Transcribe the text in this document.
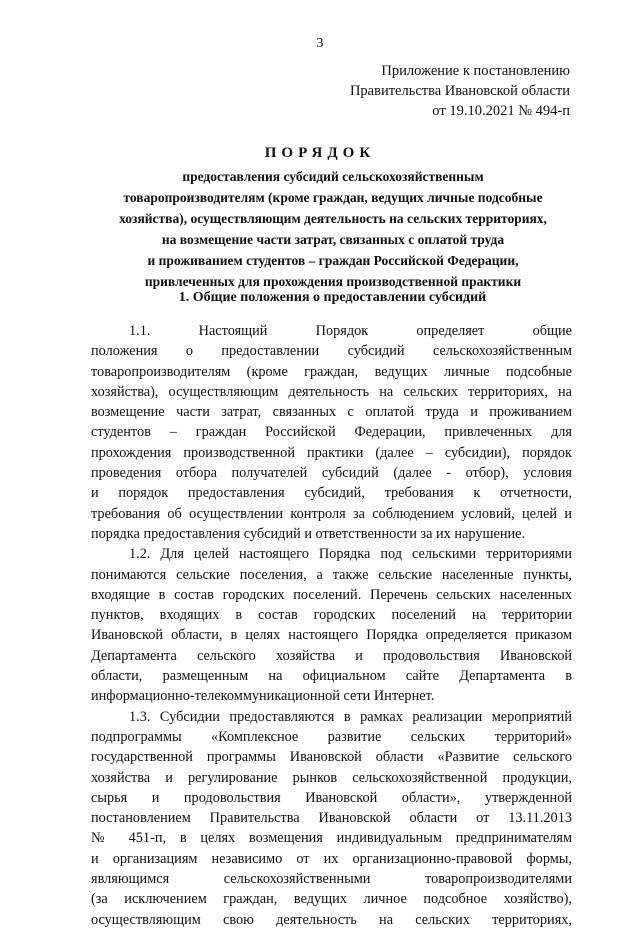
3
Приложение к постановлению
Правительства Ивановской области
от 19.10.2021 № 494-п
ПОРЯДОК
предоставления субсидий сельскохозяйственным
товаропроизводителям (кроме граждан, ведущих личные подсобные
хозяйства), осуществляющим деятельность на сельских территориях,
на возмещение части затрат, связанных с оплатой труда
и проживанием студентов – граждан Российской Федерации,
привлеченных для прохождения производственной практики
1. Общие положения о предоставлении субсидий
1.1. Настоящий Порядок определяет общие
положения о предоставлении субсидий сельскохозяйственным
товаропроизводителям (кроме граждан, ведущих личные подсобные
хозяйства), осуществляющим деятельность на сельских территориях, на
возмещение части затрат, связанных с оплатой труда и проживанием
студентов – граждан Российской Федерации, привлеченных для
прохождения производственной практики (далее – субсидии), порядок
проведения отбора получателей субсидий (далее - отбор), условия
и порядок предоставления субсидий, требования к отчетности,
требования об осуществлении контроля за соблюдением условий, целей и
порядка предоставления субсидий и ответственности за их нарушение.
1.2. Для целей настоящего Порядка под сельскими территориями
понимаются сельские поселения, а также сельские населенные пункты,
входящие в состав городских поселений. Перечень сельских населенных
пунктов, входящих в состав городских поселений на территории
Ивановской области, в целях настоящего Порядка определяется приказом
Департамента сельского хозяйства и продовольствия Ивановской
области, размещенным на официальном сайте Департамента в
информационно-телекоммуникационной сети Интернет.
1.3. Субсидии предоставляются в рамках реализации мероприятий
подпрограммы «Комплексное развитие сельских территорий»
государственной программы Ивановской области «Развитие сельского
хозяйства и регулирование рынков сельскохозяйственной продукции,
сырья и продовольствия Ивановской области», утвержденной
постановлением Правительства Ивановской области от 13.11.2013
№ 451-п, в целях возмещения индивидуальным предпринимателям
и организациям независимо от их организационно-правовой формы,
являющимся сельскохозяйственными товаропроизводителями
(за исключением граждан, ведущих личное подсобное хозяйство),
осуществляющим свою деятельность на сельских территориях,
